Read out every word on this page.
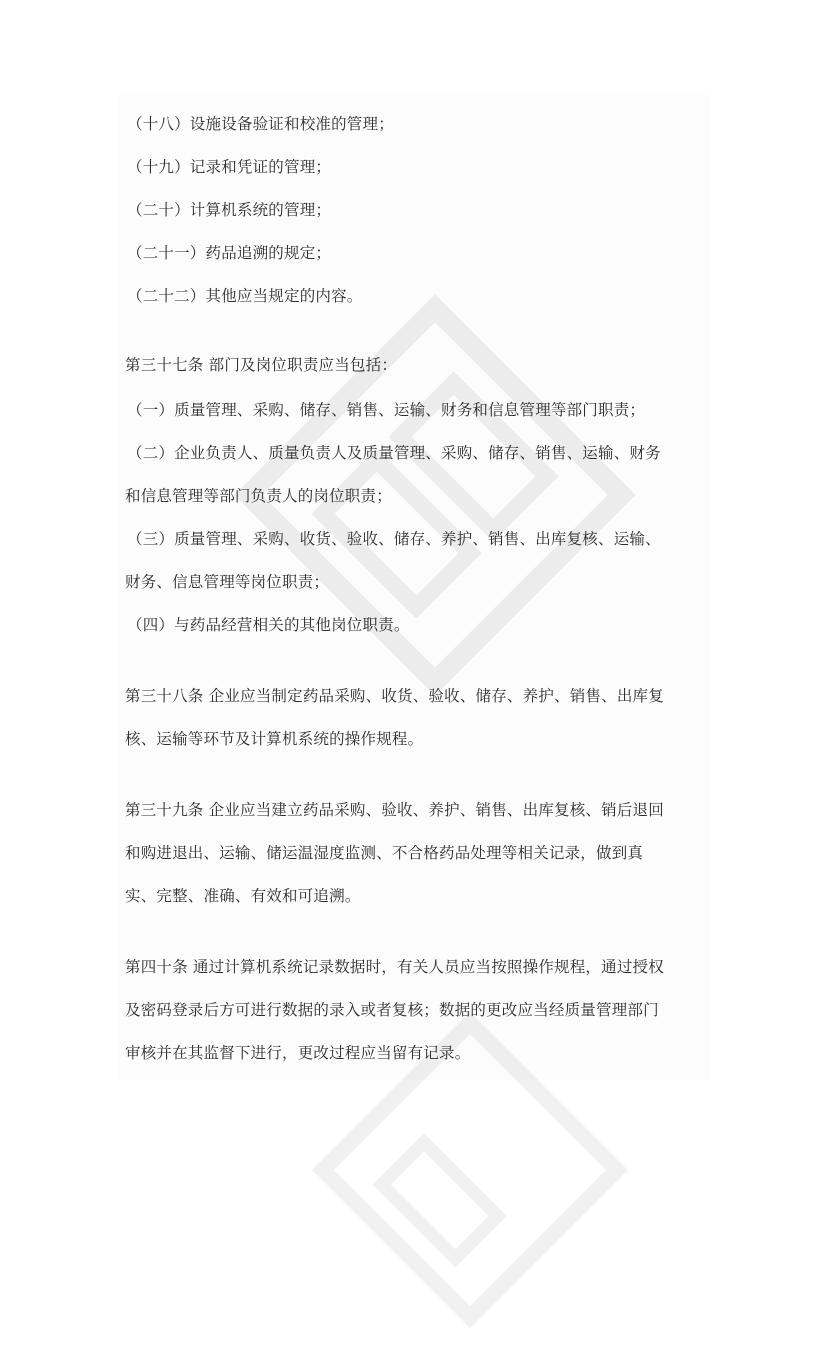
（十八）设施设备验证和校准的管理；
（十九）记录和凭证的管理；
（二十）计算机系统的管理；
（二十一）药品追溯的规定；
（二十二）其他应当规定的内容。
第三十七条 部门及岗位职责应当包括：
（一）质量管理、采购、储存、销售、运输、财务和信息管理等部门职责；
（二）企业负责人、质量负责人及质量管理、采购、储存、销售、运输、财务
和信息管理等部门负责人的岗位职责；
（三）质量管理、采购、收货、验收、储存、养护、销售、出库复核、运输、
财务、信息管理等岗位职责；
（四）与药品经营相关的其他岗位职责。
第三十八条 企业应当制定药品采购、收货、验收、储存、养护、销售、出库复
核、运输等环节及计算机系统的操作规程。
第三十九条 企业应当建立药品采购、验收、养护、销售、出库复核、销后退回
和购进退出、运输、储运温湿度监测、不合格药品处理等相关记录，做到真
实、完整、准确、有效和可追溯。
第四十条 通过计算机系统记录数据时，有关人员应当按照操作规程，通过授权
及密码登录后方可进行数据的录入或者复核；数据的更改应当经质量管理部门
审核并在其监督下进行，更改过程应当留有记录。
